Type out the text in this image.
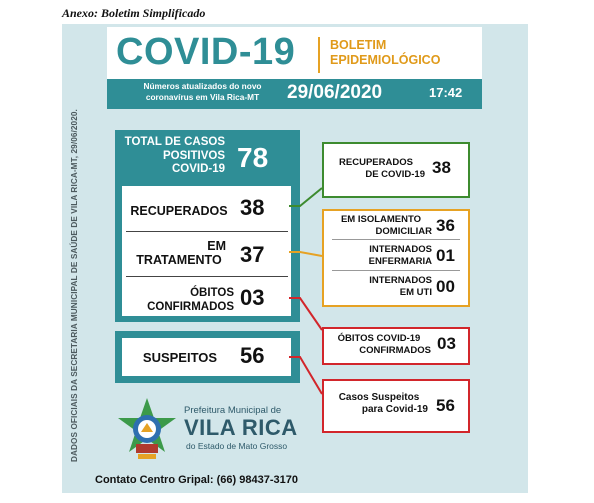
Anexo: Boletim Simplificado
DADOS OFICIAIS DA SECRETARIA MUNICIPAL DE SAÚDE DE VILA RICA-MT, 29/06/2020.
COVID-19	BOLETIM
EPIDEMIOLÓGICO
Números atualizados do novo
coronavírus em Vila Rica-MT	29/06/2020	17:42
TOTAL DE CASOS
POSITIVOS
COVID-19 78
RECUPERADOS 38
EM
TRATAMENTO 37
ÓBITOS
CONFIRMADOS 03
SUSPEITOS	56
RECUPERADOS
DE COVID-19 38
EM ISOLAMENTO
DOMICILIAR 36
INTERNADOS
ENFERMARIA 01
INTERNADOS
EM UTI 00
ÓBITOS COVID-19
CONFIRMADOS 03
Casos Suspeitos
para Covid-19 56
Prefeitura Municipal de
VILA RICA
do Estado de Mato Grosso
Contato Centro Gripal: (66) 98437-3170
